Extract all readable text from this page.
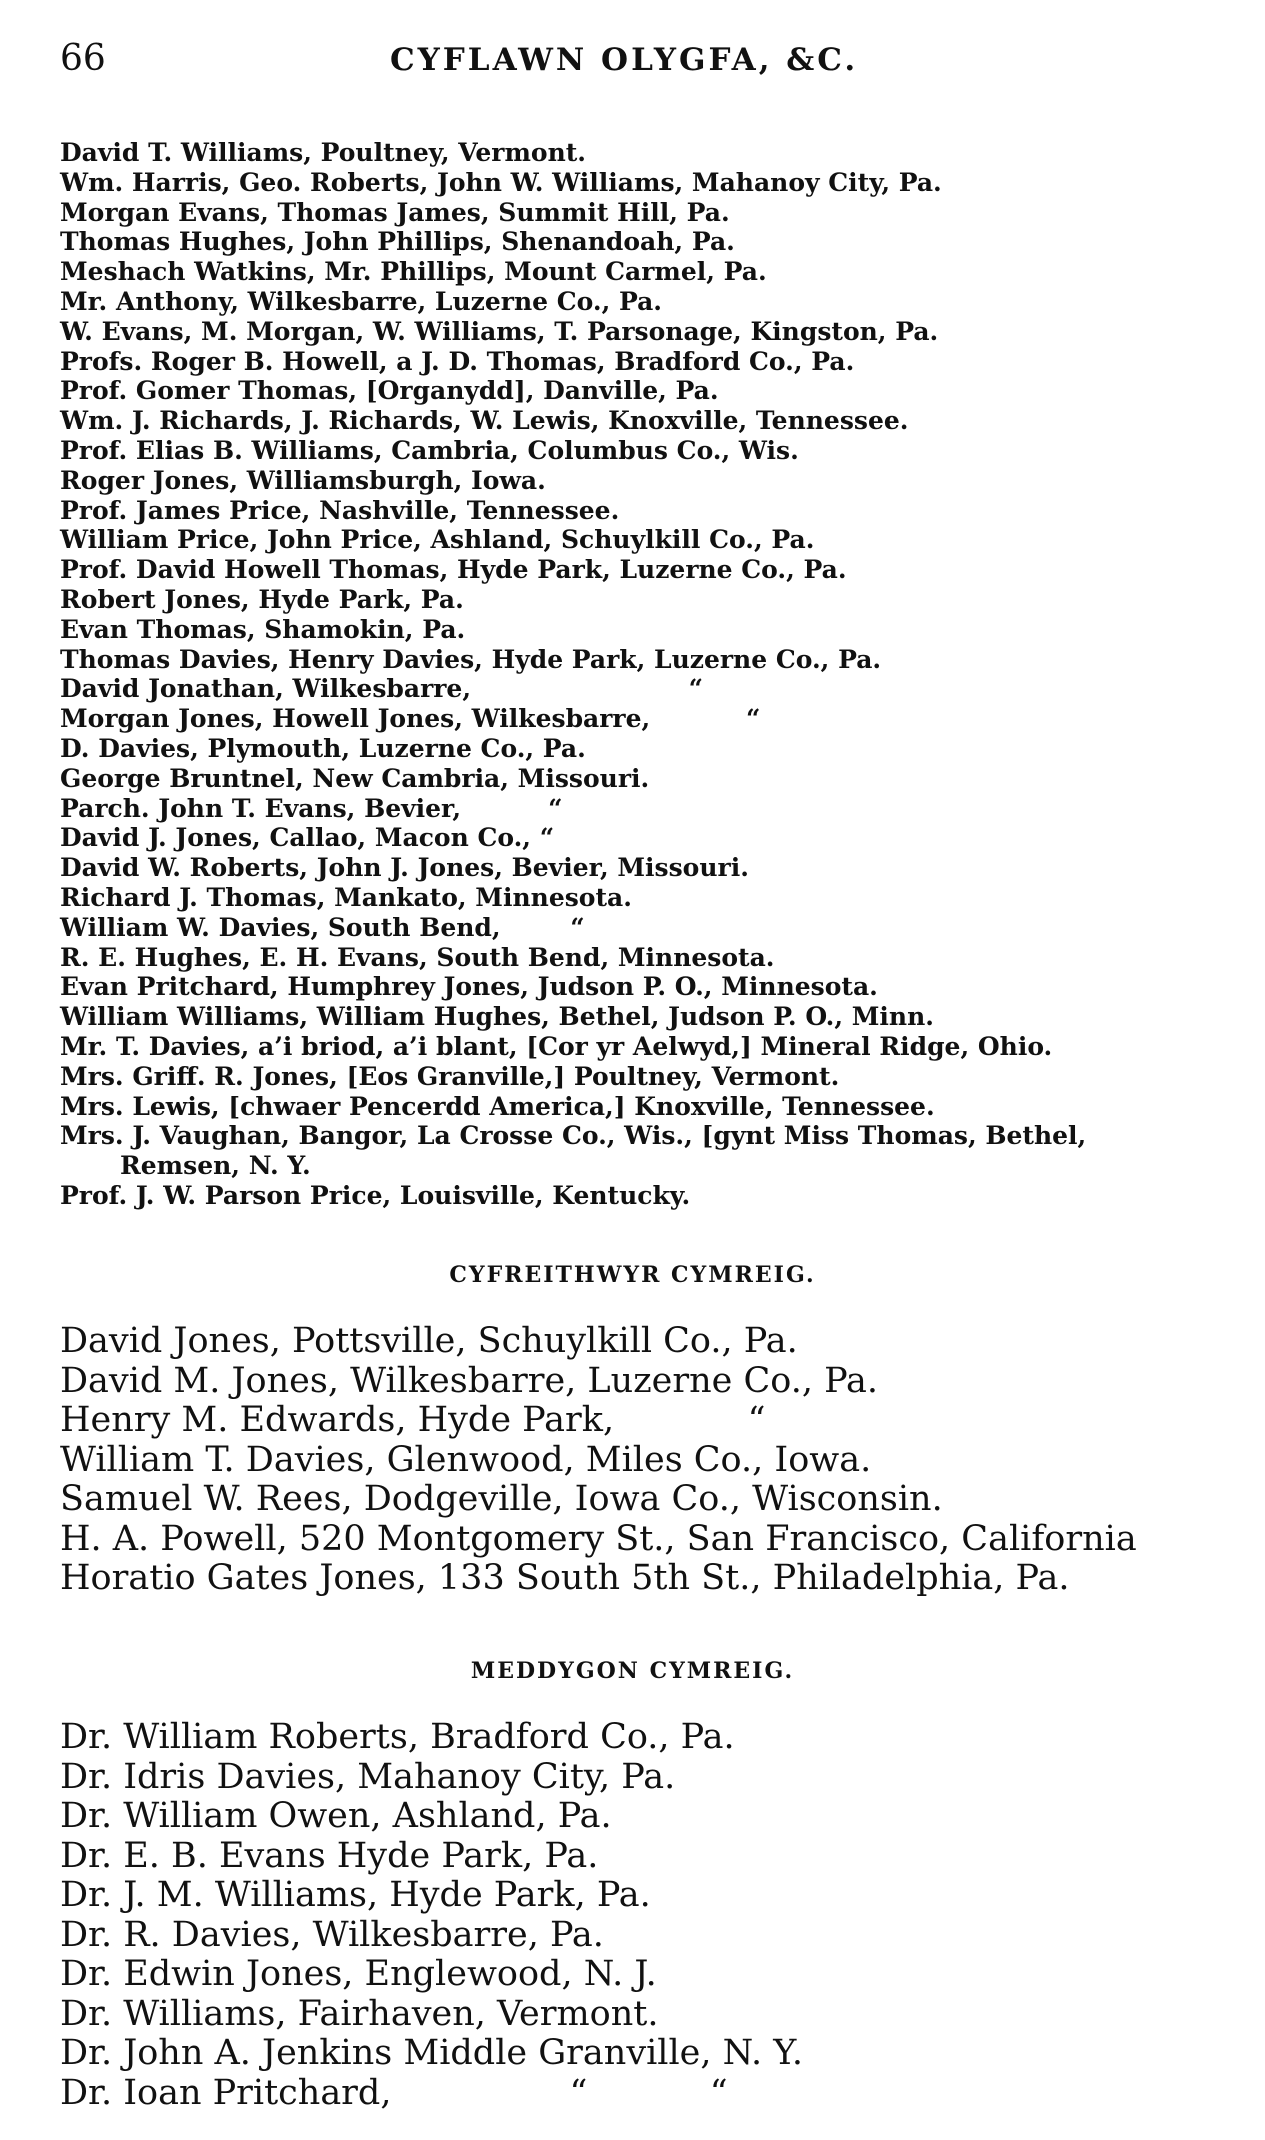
66	CYFLAWN OLYGFA, &C.
David T. Williams, Poultney, Vermont.
Wm. Harris, Geo. Roberts, John W. Williams, Mahanoy City, Pa.
Morgan Evans, Thomas James, Summit Hill, Pa.
Thomas Hughes, John Phillips, Shenandoah, Pa.
Meshach Watkins, Mr. Phillips, Mount Carmel, Pa.
Mr. Anthony, Wilkesbarre, Luzerne Co., Pa.
W. Evans, M. Morgan, W. Williams, T. Parsonage, Kingston, Pa.
Profs. Roger B. Howell, a J. D. Thomas, Bradford Co., Pa.
Prof. Gomer Thomas, [Organydd], Danville, Pa.
Wm. J. Richards, J. Richards, W. Lewis, Knoxville, Tennessee.
Prof. Elias B. Williams, Cambria, Columbus Co., Wis.
Roger Jones, Williamsburgh, Iowa.
Prof. James Price, Nashville, Tennessee.
William Price, John Price, Ashland, Schuylkill Co., Pa.
Prof. David Howell Thomas, Hyde Park, Luzerne Co., Pa.
Robert Jones, Hyde Park, Pa.
Evan Thomas, Shamokin, Pa.
Thomas Davies, Henry Davies, Hyde Park, Luzerne Co., Pa.
David Jonathan, Wilkesbarre,                         “
Morgan Jones, Howell Jones, Wilkesbarre,           “
D. Davies, Plymouth, Luzerne Co., Pa.
George Bruntnel, New Cambria, Missouri.
Parch. John T. Evans, Bevier,          “
David J. Jones, Callao, Macon Co., “
David W. Roberts, John J. Jones, Bevier, Missouri.
Richard J. Thomas, Mankato, Minnesota.
William W. Davies, South Bend,        “
R. E. Hughes, E. H. Evans, South Bend, Minnesota.
Evan Pritchard, Humphrey Jones, Judson P. O., Minnesota.
William Williams, William Hughes, Bethel, Judson P. O., Minn.
Mr. T. Davies, a’i briod, a’i blant, [Cor yr Aelwyd,] Mineral Ridge, Ohio.
Mrs. Griff. R. Jones, [Eos Granville,] Poultney, Vermont.
Mrs. Lewis, [chwaer Pencerdd America,] Knoxville, Tennessee.
Mrs. J. Vaughan, Bangor, La Crosse Co., Wis., [gynt Miss Thomas, Bethel,
Remsen, N. Y.
Prof. J. W. Parson Price, Louisville, Kentucky.
CYFREITHWYR CYMREIG.
David Jones, Pottsville, Schuylkill Co., Pa.
David M. Jones, Wilkesbarre, Luzerne Co., Pa.
Henry M. Edwards, Hyde Park,            “
William T. Davies, Glenwood, Miles Co., Iowa.
Samuel W. Rees, Dodgeville, Iowa Co., Wisconsin.
H. A. Powell, 520 Montgomery St., San Francisco, California
Horatio Gates Jones, 133 South 5th St., Philadelphia, Pa.
MEDDYGON CYMREIG.
Dr. William Roberts, Bradford Co., Pa.
Dr. Idris Davies, Mahanoy City, Pa.
Dr. William Owen, Ashland, Pa.
Dr. E. B. Evans Hyde Park, Pa.
Dr. J. M. Williams, Hyde Park, Pa.
Dr. R. Davies, Wilkesbarre, Pa.
Dr. Edwin Jones, Englewood, N. J.
Dr. Williams, Fairhaven, Vermont.
Dr. John A. Jenkins Middle Granville, N. Y.
Dr. Ioan Pritchard,                “           “
